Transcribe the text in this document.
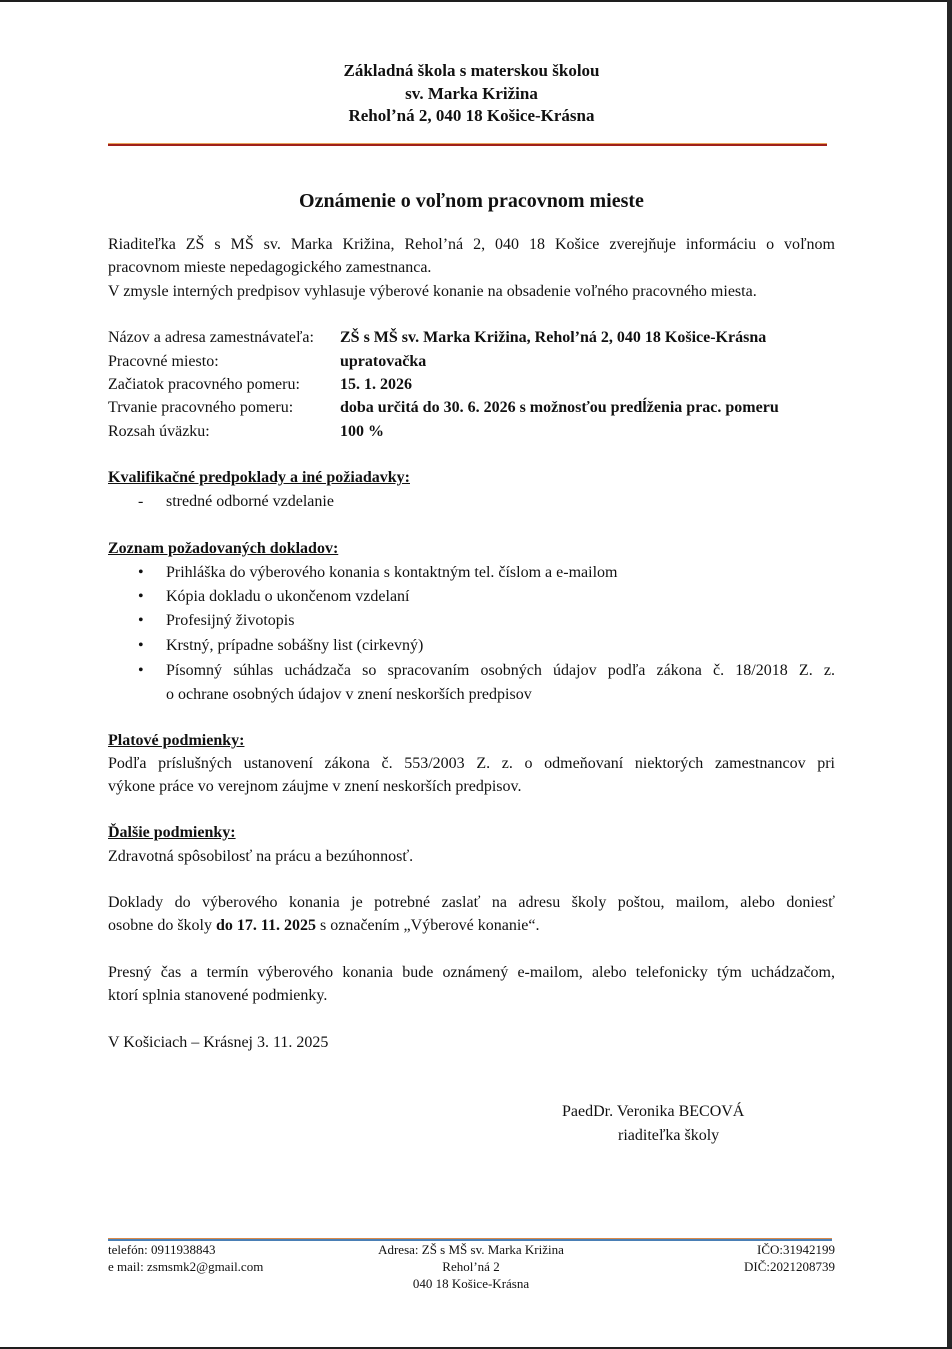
Základná škola s materskou školou
sv. Marka Križina
Reholʼná 2, 040 18 Košice-Krásna
Oznámenie o voľnom pracovnom mieste
Riaditeľka ZŠ s MŠ sv. Marka Križina, Reholʼná 2, 040 18 Košice zverejňuje informáciu o voľnom
pracovnom mieste nepedagogického zamestnanca.
V zmysle interných predpisov vyhlasuje výberové konanie na obsadenie voľného pracovného miesta.
Názov a adresa zamestnávateľa: ZŠ s MŠ sv. Marka Križina, Reholʼná 2, 040 18 Košice-Krásna
Pracovné miesto:	upratovačka
Začiatok pracovného pomeru:	15. 1. 2026
Trvanie pracovného pomeru:	doba určitá do 30. 6. 2026 s možnosťou predĺženia prac. pomeru
Rozsah úväzku:	100 %
Kvalifikačné predpoklady a iné požiadavky:
- stredné odborné vzdelanie
Zoznam požadovaných dokladov:
• Prihláška do výberového konania s kontaktným tel. číslom a e-mailom
• Kópia dokladu o ukončenom vzdelaní
• Profesijný životopis
• Krstný, prípadne sobášny list (cirkevný)
• Písomný súhlas uchádzača so spracovaním osobných údajov podľa zákona č. 18/2018 Z. z.
o ochrane osobných údajov v znení neskorších predpisov
Platové podmienky:
Podľa príslušných ustanovení zákona č. 553/2003 Z. z. o odmeňovaní niektorých zamestnancov pri
výkone práce vo verejnom záujme v znení neskorších predpisov.
Ďalšie podmienky:
Zdravotná spôsobilosť na prácu a bezúhonnosť.
Doklady do výberového konania je potrebné zaslať na adresu školy poštou, mailom, alebo doniesť
osobne do školy do 17. 11. 2025 s označením „Výberové konanie“.
Presný čas a termín výberového konania bude oznámený e-mailom, alebo telefonicky tým uchádzačom,
ktorí splnia stanovené podmienky.
V Košiciach – Krásnej 3. 11. 2025
PaedDr. Veronika BECOVÁ
riaditeľka školy
telefón: 0911938843
e mail: zsmsmk2@gmail.com
Adresa: ZŠ s MŠ sv. Marka Križina
Reholʼná 2
040 18 Košice-Krásna
IČO:31942199
DIČ:2021208739
